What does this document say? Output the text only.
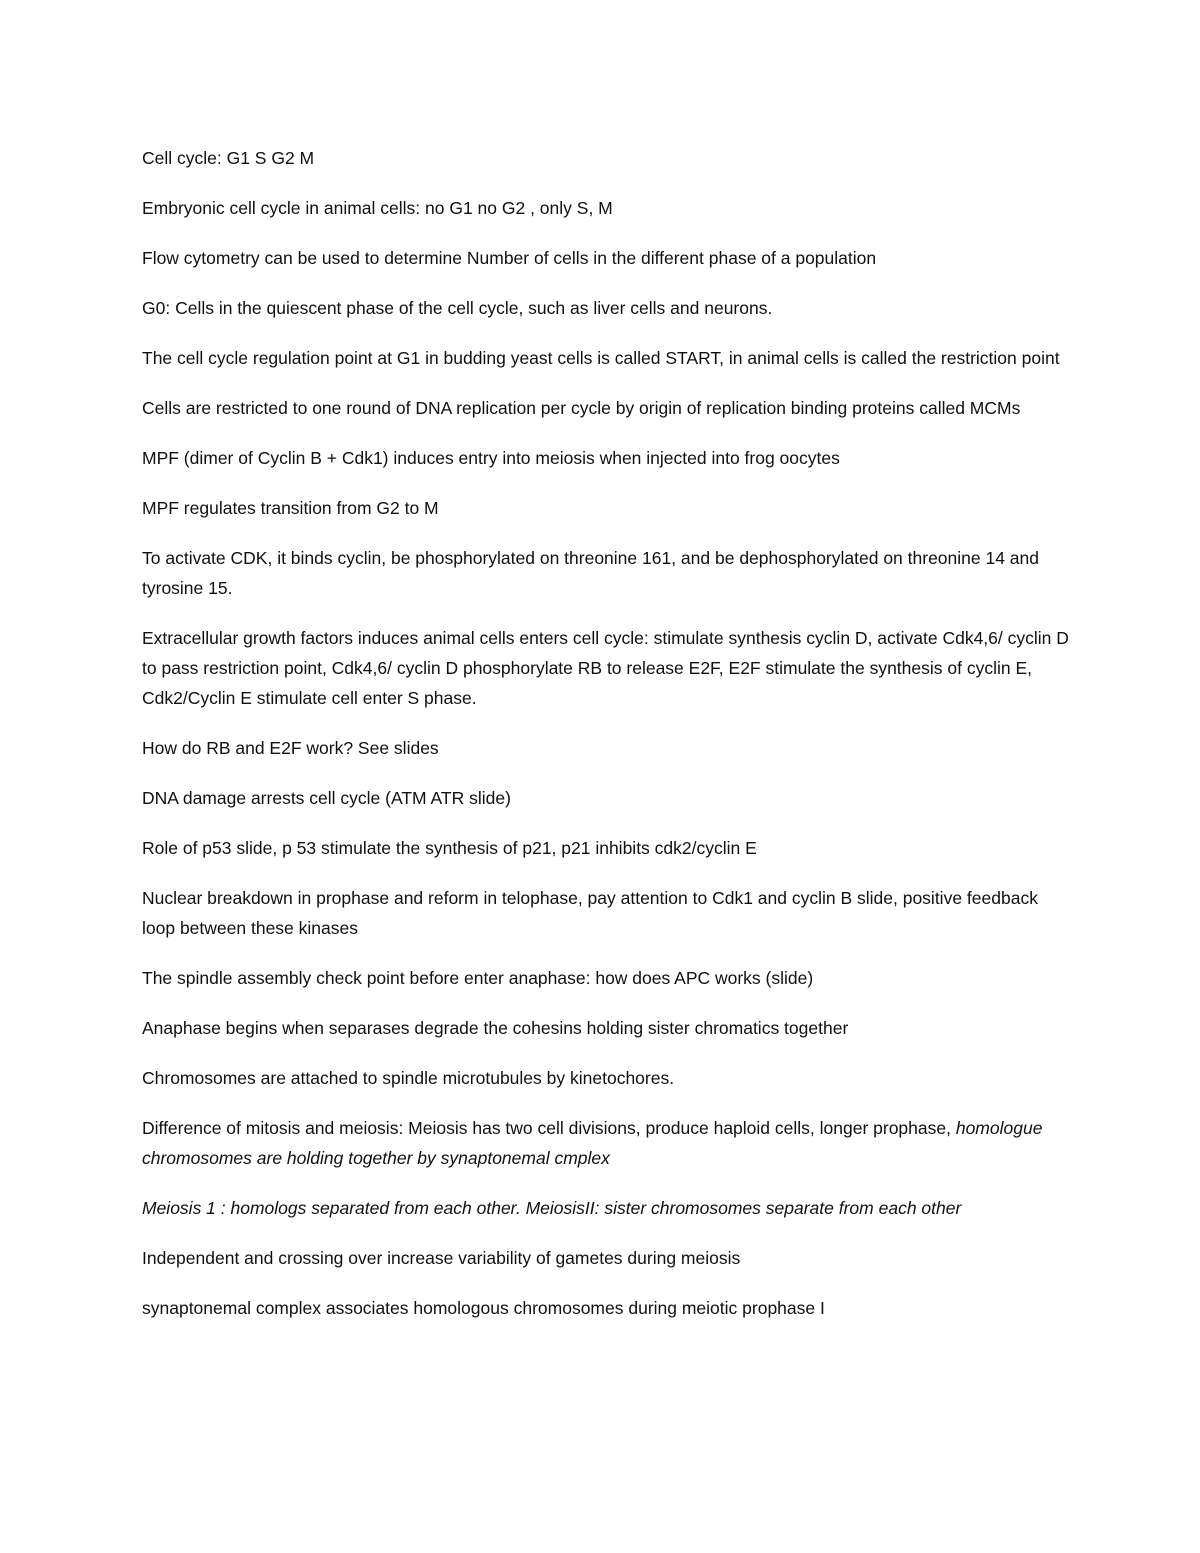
Cell cycle: G1 S G2 M

Embryonic cell cycle in animal cells: no G1 no G2 , only S, M

Flow cytometry can be used to determine Number of cells in the different phase of a population

G0: Cells in the quiescent phase of the cell cycle, such as liver cells and neurons.

The cell cycle regulation point at G1 in budding yeast cells is called START, in animal cells is called the restriction point

Cells are restricted to one round of DNA replication per cycle by origin of replication binding proteins called MCMs

MPF (dimer of Cyclin B + Cdk1) induces entry into meiosis when injected into frog oocytes

MPF regulates transition from G2 to M

To activate CDK, it binds cyclin, be phosphorylated on threonine 161, and be dephosphorylated on threonine 14 and tyrosine 15.

Extracellular growth factors induces animal cells enters cell cycle: stimulate synthesis cyclin D, activate Cdk4,6/ cyclin D to pass restriction point, Cdk4,6/ cyclin D phosphorylate RB to release E2F, E2F stimulate the synthesis of cyclin E, Cdk2/Cyclin E stimulate cell enter S phase.

How do RB and E2F work? See slides

DNA damage arrests cell cycle (ATM ATR slide)

Role of p53 slide, p 53 stimulate the synthesis of p21, p21 inhibits cdk2/cyclin E

Nuclear breakdown in prophase and reform in telophase, pay attention to Cdk1 and cyclin B slide, positive feedback loop between these kinases

The spindle assembly check point before enter anaphase: how does APC works (slide)

Anaphase begins when separases degrade the cohesins holding sister chromatics together

Chromosomes are attached to spindle microtubules by kinetochores.

Difference of mitosis and meiosis: Meiosis has two cell divisions, produce haploid cells, longer prophase, homologue chromosomes are holding together by synaptonemal cmplex

Meiosis 1 : homologs separated from each other. MeiosisII: sister chromosomes separate from each other

Independent and crossing over increase variability of gametes during meiosis

synaptonemal complex associates homologous chromosomes during meiotic prophase I
